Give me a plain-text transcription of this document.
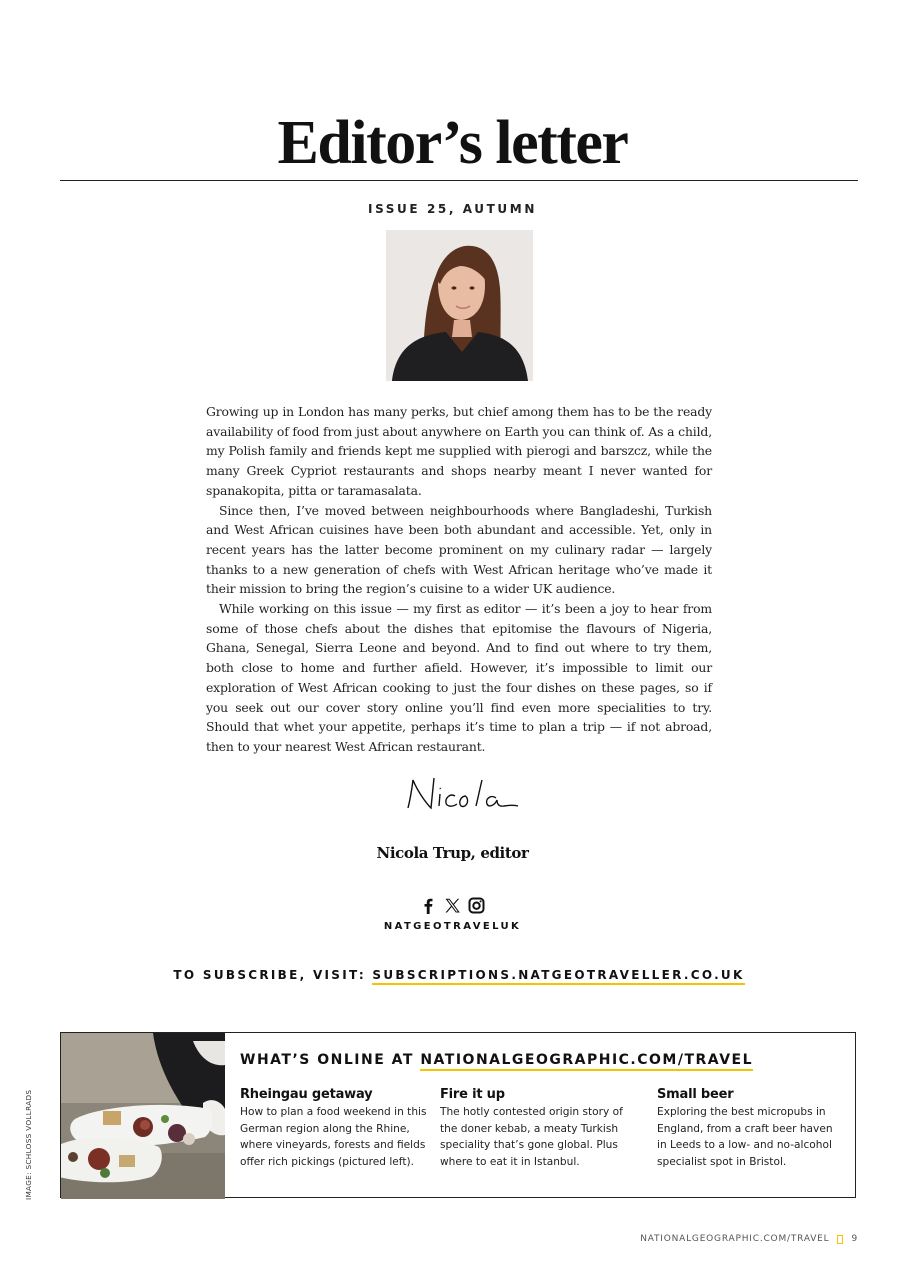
Editor’s letter
ISSUE 25, AUTUMN

Growing up in London has many perks, but chief among them has to be the ready availability of food from just about anywhere on Earth you can think of. As a child, my Polish family and friends kept me supplied with pierogi and barszcz, while the many Greek Cypriot restaurants and shops nearby meant I never wanted for spanakopita, pitta or taramasalata.

Since then, I’ve moved between neighbourhoods where Bangladeshi, Turkish and West African cuisines have been both abundant and accessible. Yet, only in recent years has the latter become prominent on my culinary radar — largely thanks to a new generation of chefs with West African heritage who’ve made it their mission to bring the region’s cuisine to a wider UK audience.

While working on this issue — my first as editor — it’s been a joy to hear from some of those chefs about the dishes that epitomise the flavours of Nigeria, Ghana, Senegal, Sierra Leone and beyond. And to find out where to try them, both close to home and further afield. However, it’s impossible to limit our exploration of West African cooking to just the four dishes on these pages, so if you seek out our cover story online you’ll find even more specialities to try. Should that whet your appetite, perhaps it’s time to plan a trip — if not abroad, then to your nearest West African restaurant.

Nicola Trup, editor
NATGEOTRAVELUK
TO SUBSCRIBE, VISIT: SUBSCRIPTIONS.NATGEOTRAVELLER.CO.UK
WHAT’S ONLINE AT NATIONALGEOGRAPHIC.COM/TRAVEL
Rheingau getaway

How to plan a food weekend in this German region along the Rhine, where vineyards, forests and fields offer rich pickings (pictured left).

Fire it up

The hotly contested origin story of the doner kebab, a meaty Turkish speciality that’s gone global. Plus where to eat it in Istanbul.

Small beer

Exploring the best micropubs in England, from a craft beer haven in Leeds to a low- and no-alcohol specialist spot in Bristol.

IMAGE: SCHLOSS VOLLRADS
NATIONALGEOGRAPHIC.COM/TRAVEL 9
